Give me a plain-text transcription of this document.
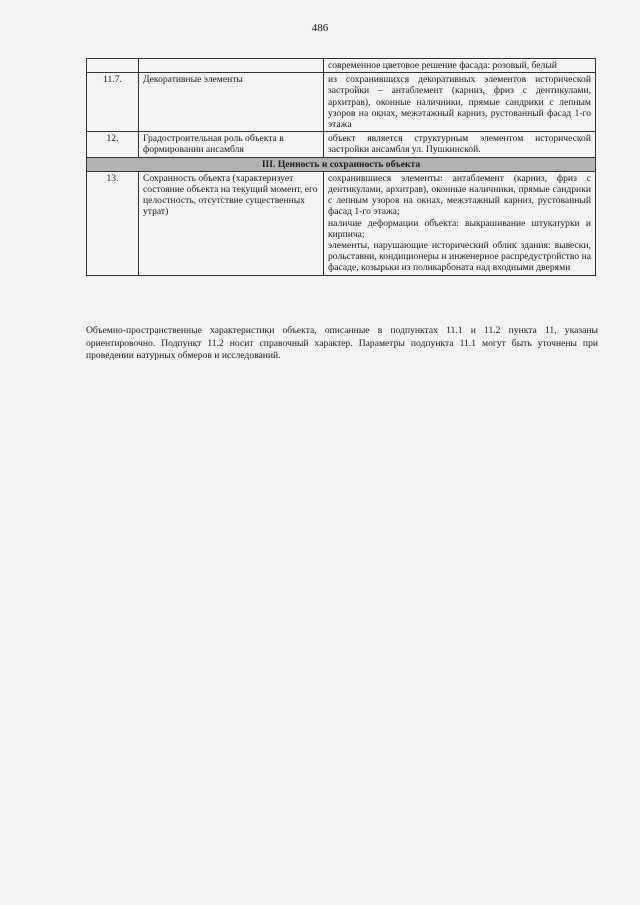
486

		современное цветовое решение фасада: розовый, белый

11.7.	Декоративные элементы	из сохранившихся декоративных элементов исторической застройки – антаблемент (карниз, фриз с дентикулами, архитрав), оконные наличники, прямые сандрики с лепным узоров на окнах, межэтажный карниз, рустованный фасад 1-го этажа

12.	Градостроительная роль объекта в формировании ансамбля	объект является структурным элементом исторической застройки ансамбля ул. Пушкинской.

III. Ценность и сохранность объекта		
13.	Сохранность объекта (характеризует состояние объекта на текущий момент, его целостность, отсутствие существенных утрат)	сохранившиеся элементы: антаблемент (карниз, фриз с дентикулами, архитрав), оконные наличники, прямые сандрики с лепным узоров на окнах, межэтажный карниз, рустованный фасад 1-го этажа;
наличие деформации объекта: выкрашивание штукатурки и кирпича;
элементы, нарушающие исторический облик здания: вывески, рольставни, кондиционеры и инженерное распредустройство на фасаде, козырьки из поликарбоната над входными дверями
Объемно-пространственные характеристики объекта, описанные в подпунктах 11.1 и 11.2 пункта 11, указаны ориентировочно. Подпункт 11.2 носит справочный характер. Параметры подпункта 11.1 могут быть уточнены при проведении натурных обмеров и исследований.
